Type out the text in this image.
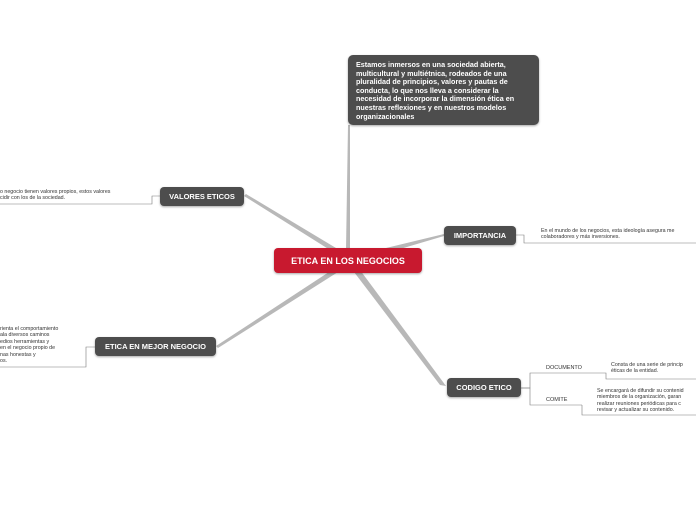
ETICA EN LOS NEGOCIOS
Estamos inmersos en una sociedad abierta, multicultural y multiétnica, rodeados de una pluralidad de principios, valores y pautas de conducta, lo que nos lleva a considerar la necesidad de incorporar la dimensión ética en nuestras reflexiones y en nuestros modelos organizacionales
VALORES ETICOS
o negocio tienen valores propios, estos valores
cidir con los de la sociedad.
IMPORTANCIA	En el mundo de los negocios, esta ideología asegura me
colaboradores y más inversiones.
ETICA EN MEJOR NEGOCIO
rienta el comportamiento
ala diversos caminos
edios herramientas y
en el negocio propio de
nas honestas y
os.
CODIGO ETICO
DOCUMENTO	Consta de una serie de princip
éticas de la entidad.
COMITE
Se encargará de difundir su contenid
miembros de la organización, garan
realizar reuniones periódicas para c
revisar y actualizar su contenido.
